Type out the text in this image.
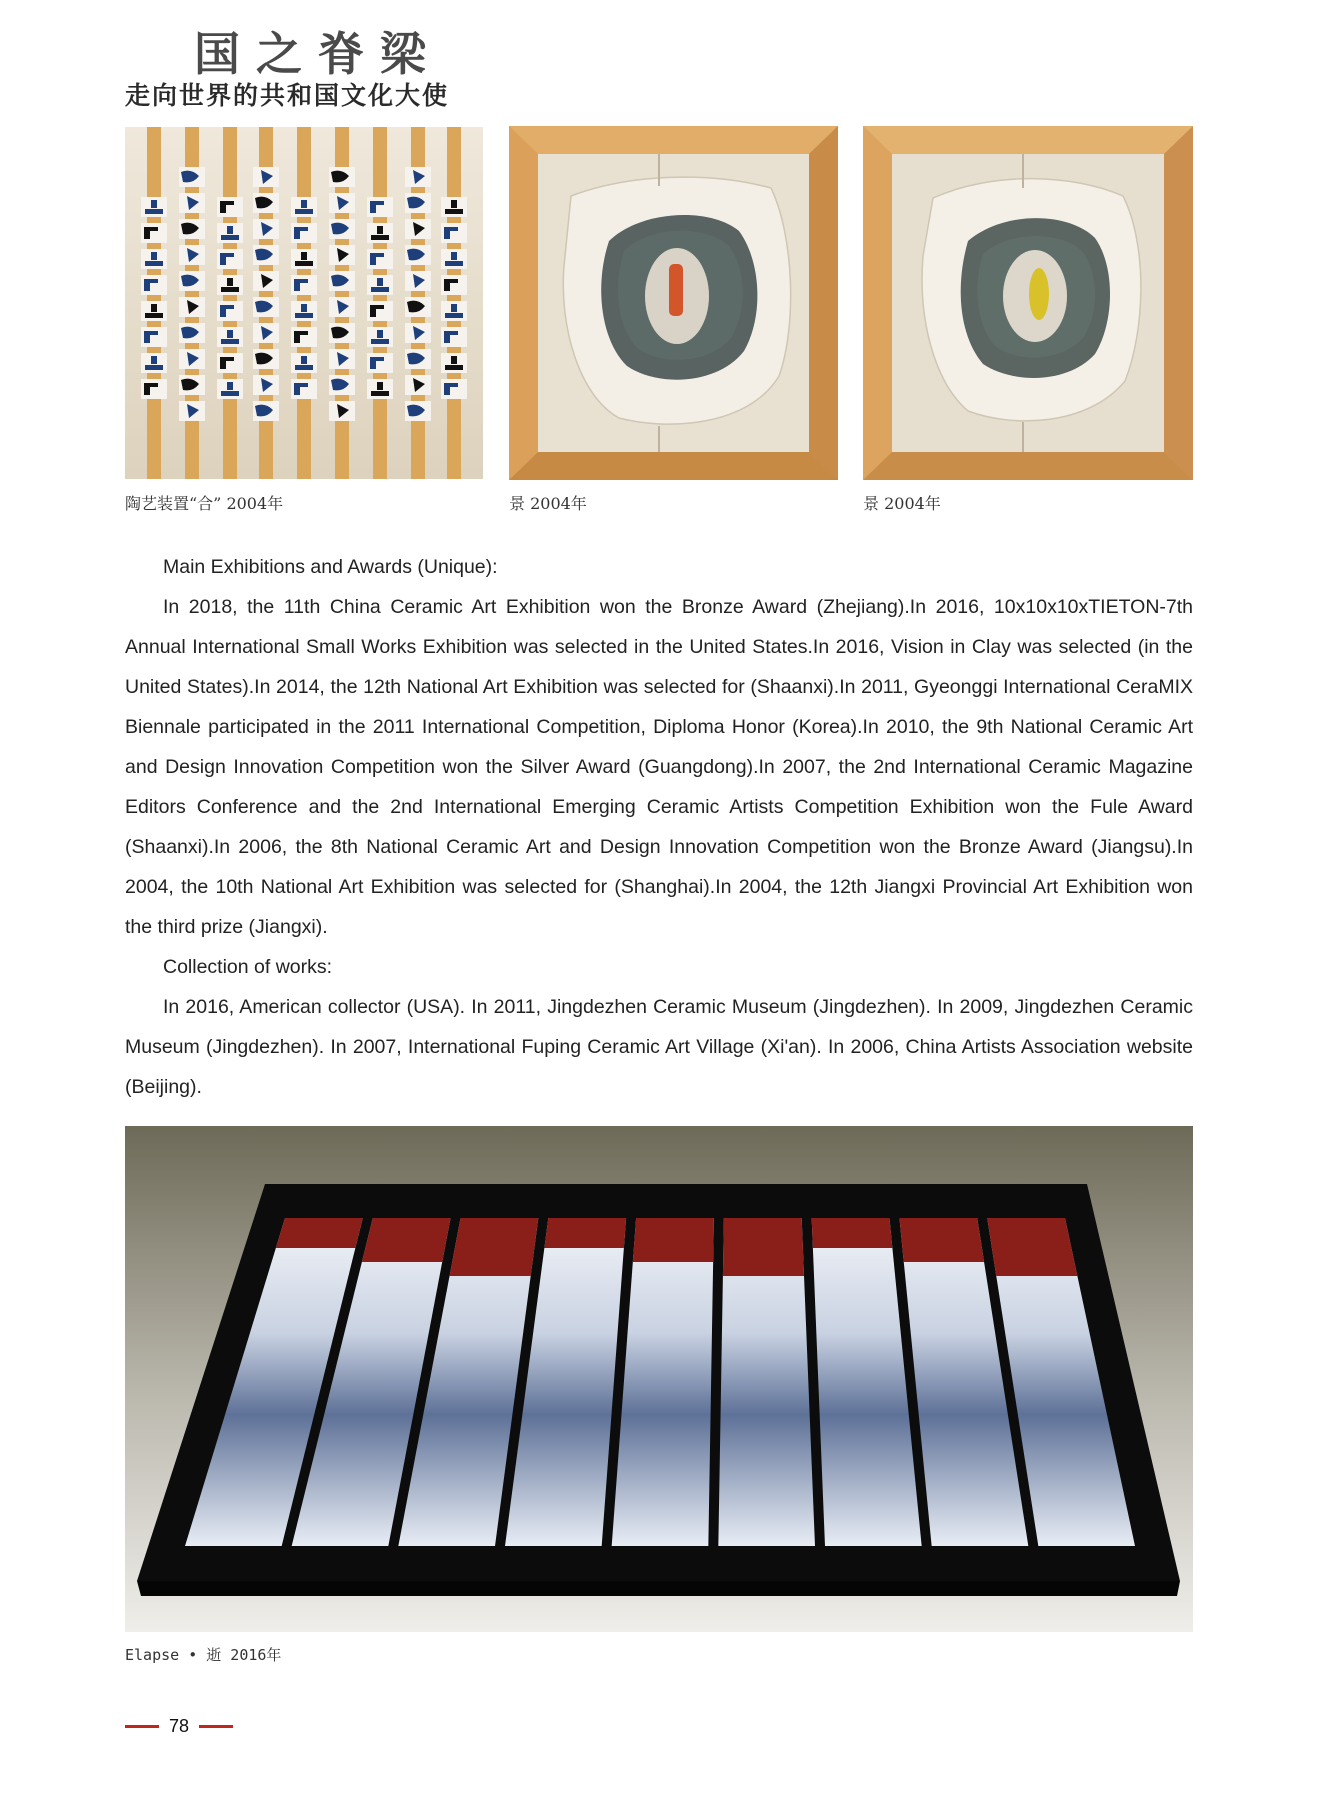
国之脊梁
走向世界的共和国文化大使
陶艺装置“合” 2004年	景 2004年	景 2004年

Main Exhibitions and Awards (Unique):

In 2018, the 11th China Ceramic Art Exhibition won the Bronze Award (Zhejiang).In 2016, 10x10x10xTIETON-7th Annual International Small Works Exhibition was selected in the United States.In 2016, Vision in Clay was selected (in the United States).In 2014, the 12th National Art Exhibition was selected for (Shaanxi).In 2011, Gyeonggi International CeraMIX Biennale participated in the 2011 International Competition, Diploma Honor (Korea).In 2010, the 9th National Ceramic Art and Design Innovation Competition won the Silver Award (Guangdong).In 2007, the 2nd International Ceramic Magazine Editors Conference and the 2nd International Emerging Ceramic Artists Competition Exhibition won the Fule Award (Shaanxi).In 2006, the 8th National Ceramic Art and Design Innovation Competition won the Bronze Award (Jiangsu).In 2004, the 10th National Art Exhibition was selected for (Shanghai).In 2004, the 12th Jiangxi Provincial Art Exhibition won the third prize (Jiangxi).

Collection of works:

In 2016, American collector (USA). In 2011, Jingdezhen Ceramic Museum (Jingdezhen). In 2009, Jingdezhen Ceramic Museum (Jingdezhen). In 2007, International Fuping Ceramic Art Village (Xi'an). In 2006, China Artists Association website (Beijing).

Elapse • 逝 2016年
78
